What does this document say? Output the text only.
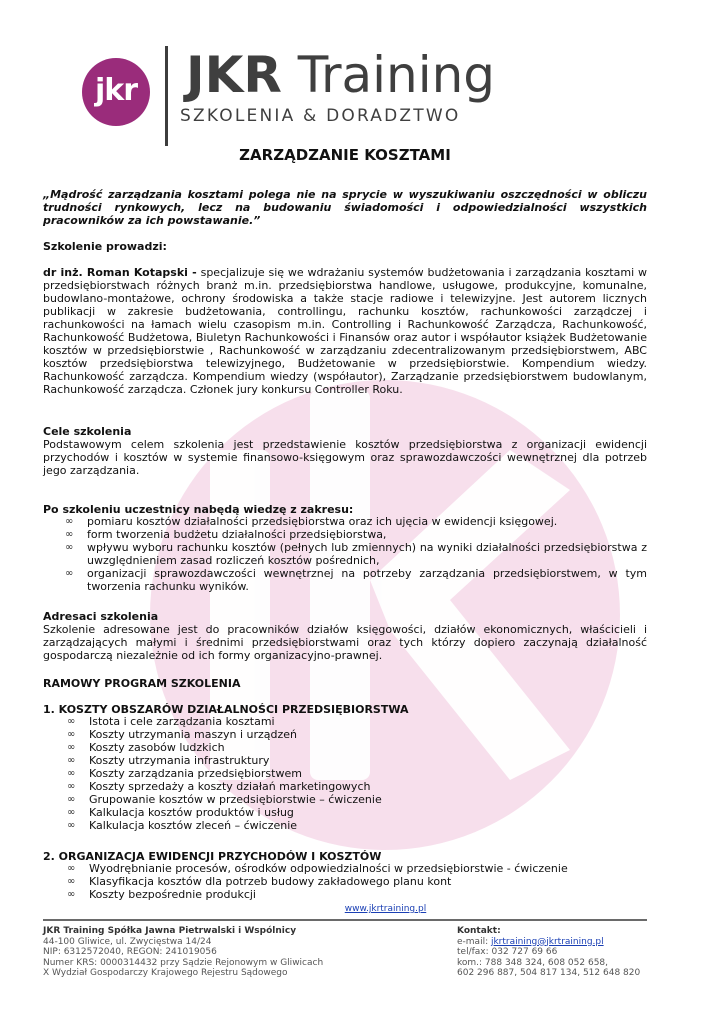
jkr JKR Training
SZKOLENIA & DORADZTWO
ZARZĄDZANIE KOSZTAMI
„Mądrość zarządzania kosztami polega nie na sprycie w wyszukiwaniu oszczędności w obliczu trudności rynkowych, lecz na budowaniu świadomości i odpowiedzialności wszystkich pracowników za ich powstawanie.”
Szkolenie prowadzi:
dr inż. Roman Kotapski - specjalizuje się we wdrażaniu systemów budżetowania i zarządzania kosztami w przedsiębiorstwach różnych branż m.in. przedsiębiorstwa handlowe, usługowe, produkcyjne, komunalne, budowlano-montażowe, ochrony środowiska a także stacje radiowe i telewizyjne. Jest autorem licznych publikacji w zakresie budżetowania, controllingu, rachunku kosztów, rachunkowości zarządczej i rachunkowości na łamach wielu czasopism m.in. Controlling i Rachunkowość Zarządcza, Rachunkowość, Rachunkowość Budżetowa, Biuletyn Rachunkowości i Finansów oraz autor i współautor książek Budżetowanie kosztów w przedsiębiorstwie , Rachunkowość w zarządzaniu zdecentralizowanym przedsiębiorstwem, ABC kosztów przedsiębiorstwa telewizyjnego, Budżetowanie w przedsiębiorstwie. Kompendium wiedzy. Rachunkowość zarządcza. Kompendium wiedzy (współautor), Zarządzanie przedsiębiorstwem budowlanym, Rachunkowość zarządcza. Członek jury konkursu Controller Roku.
Cele szkolenia
Podstawowym celem szkolenia jest przedstawienie kosztów przedsiębiorstwa z organizacji ewidencji przychodów i kosztów w systemie finansowo-księgowym oraz sprawozdawczości wewnętrznej dla potrzeb jego zarządzania.
Po szkoleniu uczestnicy nabędą wiedzę z zakresu:
∞	pomiaru kosztów działalności przedsiębiorstwa oraz ich ujęcia w ewidencji księgowej.
∞	form tworzenia budżetu działalności przedsiębiorstwa,
∞	wpływu wyboru rachunku kosztów (pełnych lub zmiennych) na wyniki działalności przedsiębiorstwa z uwzględnieniem zasad rozliczeń kosztów pośrednich,
∞	organizacji sprawozdawczości wewnętrznej na potrzeby zarządzania przedsiębiorstwem, w tym tworzenia rachunku wyników.
Adresaci szkolenia
Szkolenie adresowane jest do pracowników działów księgowości, działów ekonomicznych, właścicieli i zarządzających małymi i średnimi przedsiębiorstwami oraz tych którzy dopiero zaczynają działalność gospodarczą niezależnie od ich formy organizacyjno-prawnej.
RAMOWY PROGRAM SZKOLENIA
1. KOSZTY OBSZARÓW DZIAŁALNOŚCI PRZEDSIĘBIORSTWA
∞	Istota i cele zarządzania kosztami
∞	Koszty utrzymania maszyn i urządzeń
∞	Koszty zasobów ludzkich
∞	Koszty utrzymania infrastruktury
∞	Koszty zarządzania przedsiębiorstwem
∞	Koszty sprzedaży a koszty działań marketingowych
∞	Grupowanie kosztów w przedsiębiorstwie – ćwiczenie
∞	Kalkulacja kosztów produktów i usług
∞	Kalkulacja kosztów zleceń – ćwiczenie
2. ORGANIZACJA EWIDENCJI PRZYCHODÓW I KOSZTÓW
∞	Wyodrębnianie procesów, ośrodków odpowiedzialności w przedsiębiorstwie - ćwiczenie
∞	Klasyfikacja kosztów dla potrzeb budowy zakładowego planu kont
∞	Koszty bezpośrednie produkcji
www.jkrtraining.pl
JKR Training Spółka Jawna Pietrwalski i Wspólnicy
44-100 Gliwice, ul. Zwycięstwa 14/24
NIP: 6312572040, REGON: 241019056
Numer KRS: 0000314432 przy Sądzie Rejonowym w Gliwicach
X Wydział Gospodarczy Krajowego Rejestru Sądowego
Kontakt:
e-mail: jkrtraining@jkrtraining.pl
tel/fax: 032 727 69 66
kom.: 788 348 324, 608 052 658,
602 296 887, 504 817 134, 512 648 820
